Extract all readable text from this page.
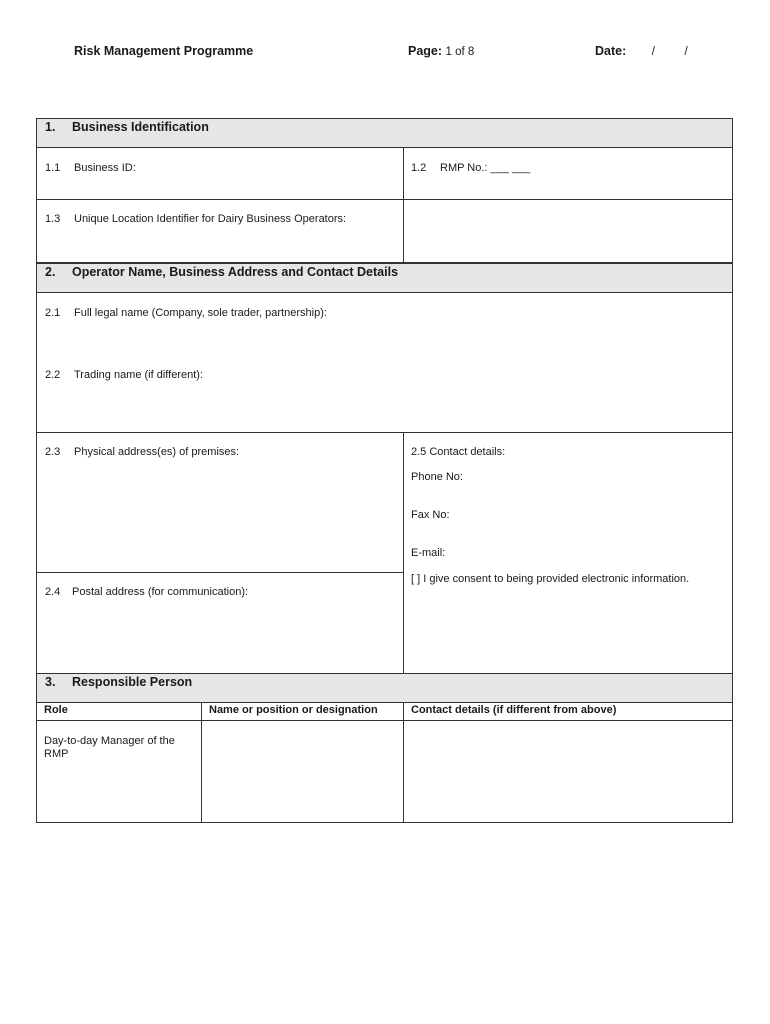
Risk Management Programme	Page: 1 of 8	Date: /	/
1. Business Identification
1.1 Business ID:	1.2 RMP No.: ___ ___
1.3 Unique Location Identifier for Dairy Business Operators:
2. Operator Name, Business Address and Contact Details
2.1 Full legal name (Company, sole trader, partnership):
2.2 Trading name (if different):
2.3 Physical address(es) of premises:
2.4 Postal address (for communication):
2.5 Contact details:
Phone No:
Fax No:
E-mail:
[ ] I give consent to being provided electronic information.
3. Responsible Person
Role	Name or position or designation	Contact details (if different from above)
Day-to-day Manager of the RMP
